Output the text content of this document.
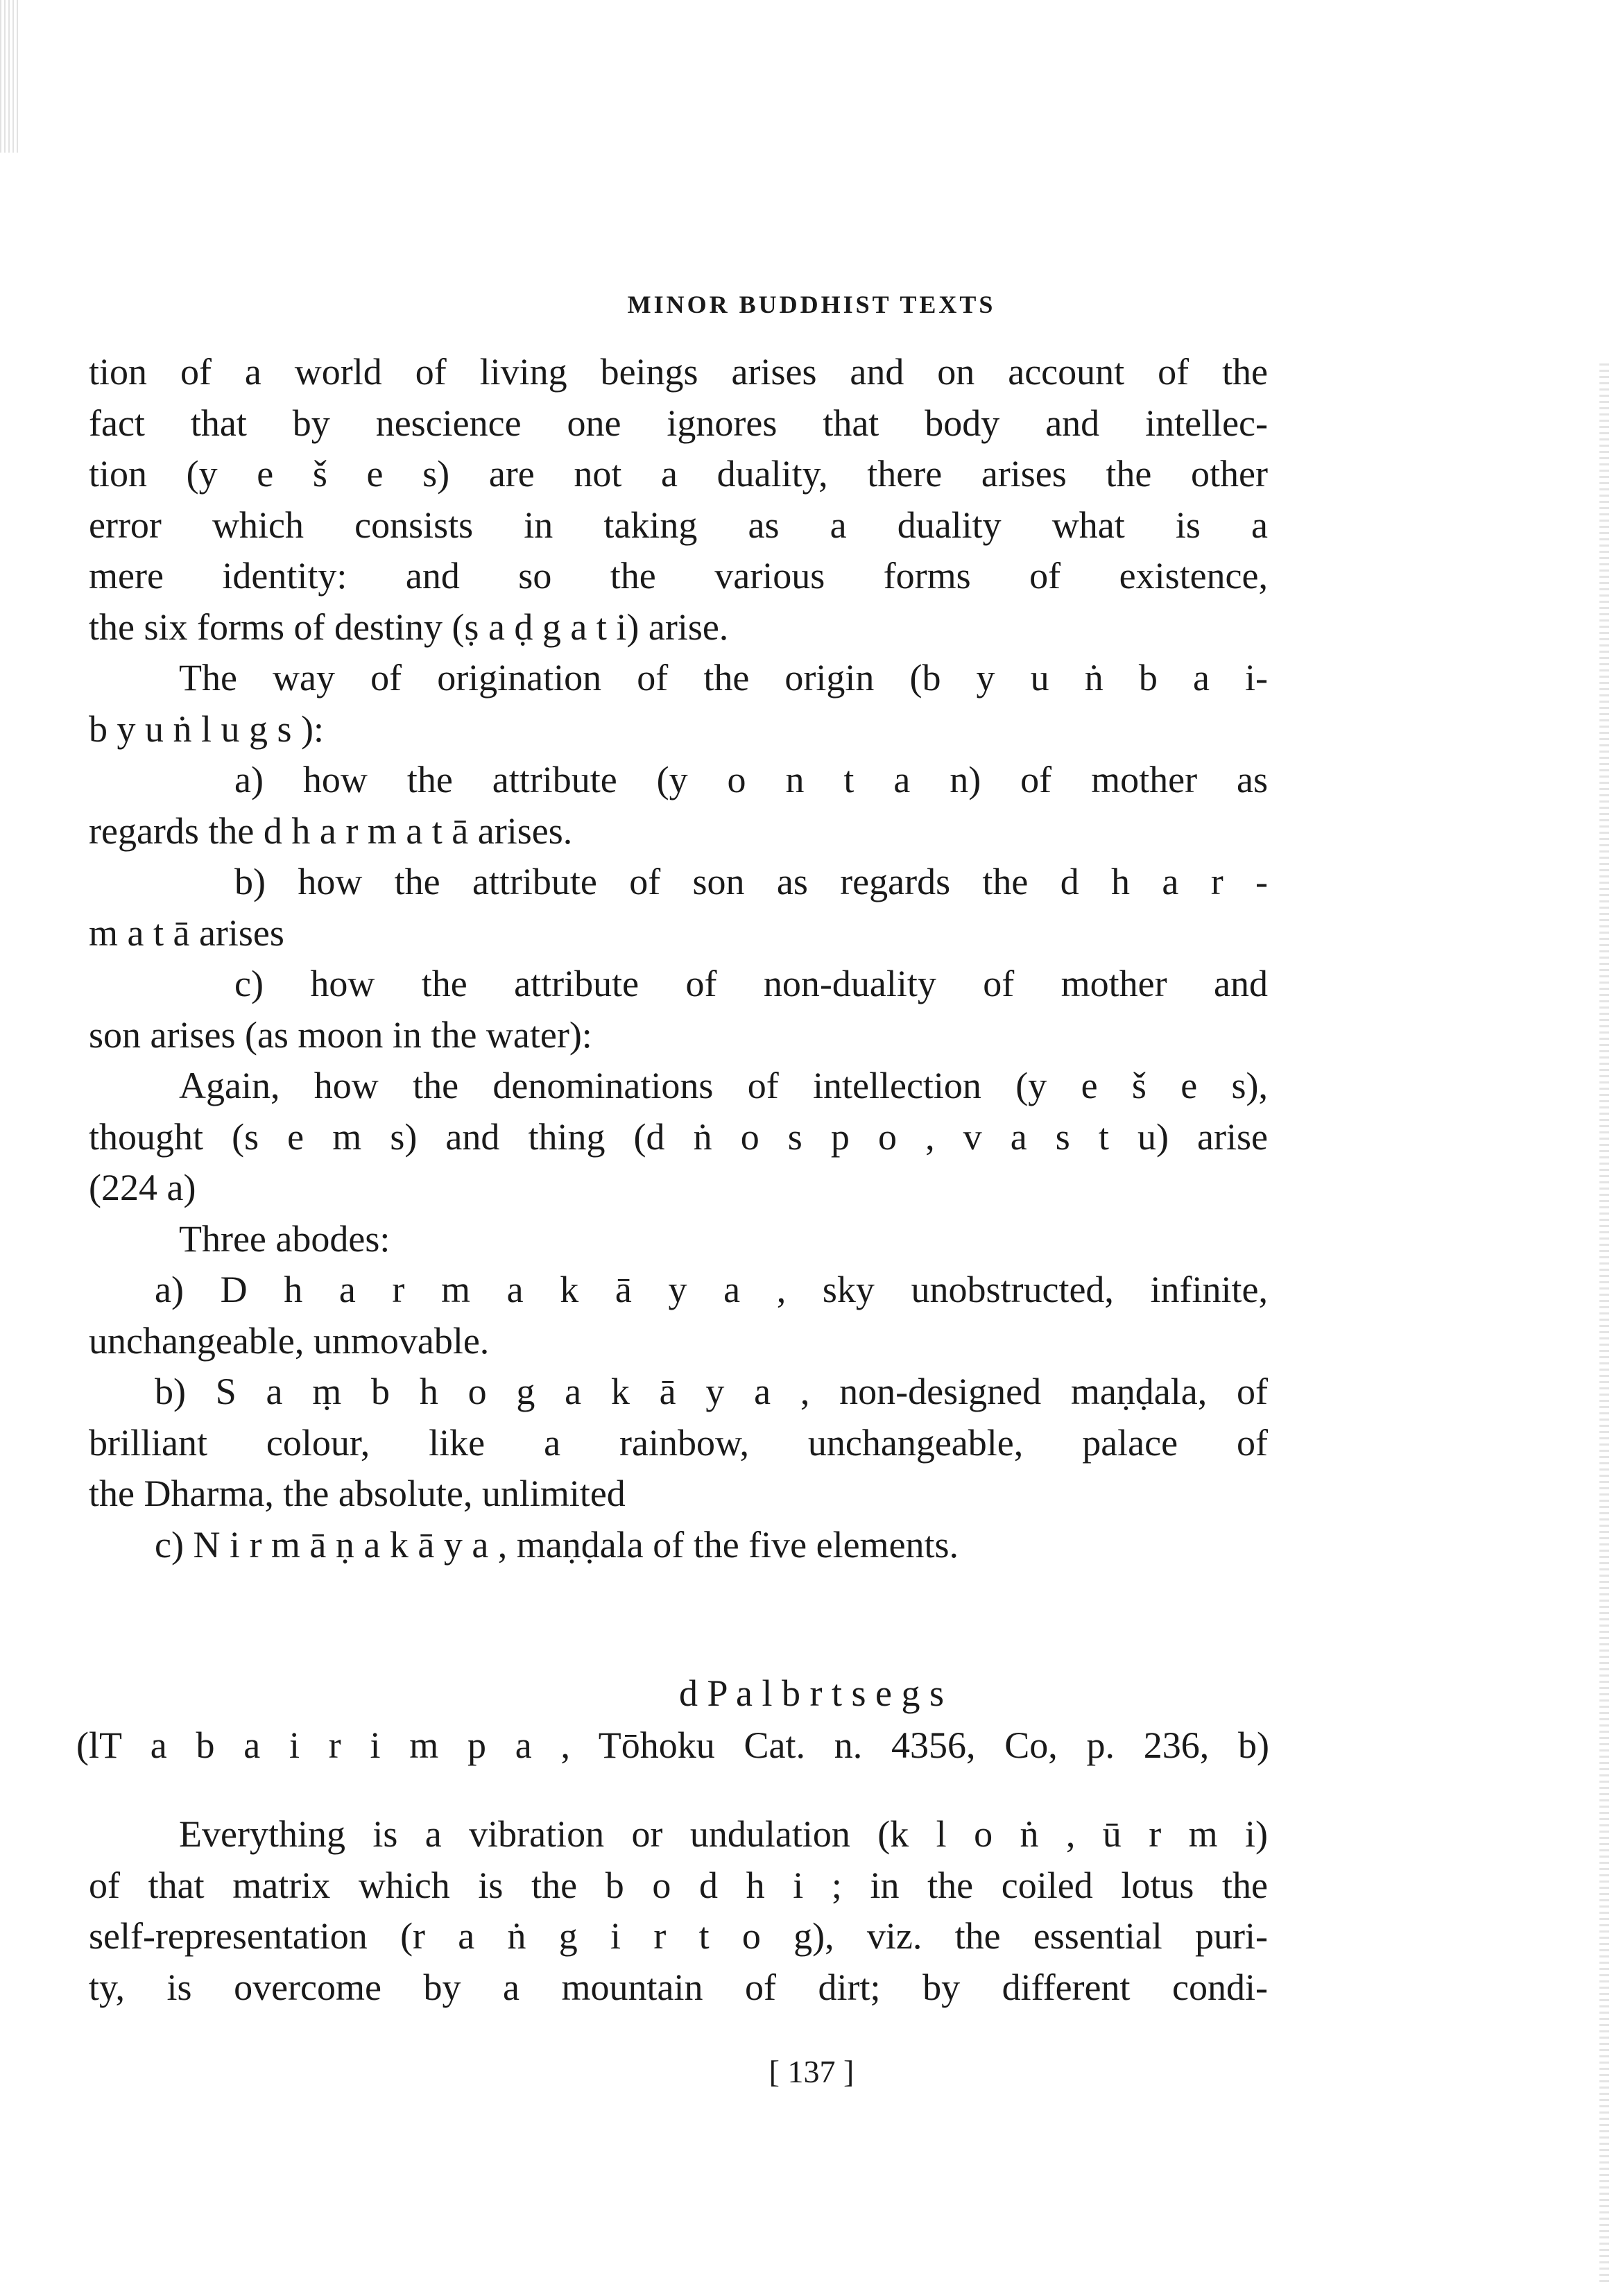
MINOR BUDDHIST TEXTS
tion of a world of living beings arises and on account of the
fact that by nescience one ignores that body and intellec-
tion (y e š e s) are not a duality, there arises the other
error which consists in taking as a duality what is a
mere identity: and so the various forms of existence,
the six forms of destiny (ṣ a ḍ g a t i) arise.
The way of origination of the origin (b y u ṅ b a i-
b y u ṅ l u g s ):
a) how the attribute (y o n t a n) of mother as
regards the d h a r m a t ā arises.
b) how the attribute of son as regards the d h a r -
m a t ā arises
c) how the attribute of non-duality of mother and
son arises (as moon in the water):
Again, how the denominations of intellection (y e š e s),
thought (s e m s) and thing (d ṅ o s p o , v a s t u) arise
(224 a)
Three abodes:
a) D h a r m a k ā y a , sky unobstructed, infinite,
unchangeable, unmovable.
b) S a ṃ b h o g a k ā y a , non-designed maṇḍala, of
brilliant colour, like a rainbow, unchangeable, palace of
the Dharma, the absolute, unlimited
c) N i r m ā ṇ a k ā y a , maṇḍala of the five elements.
d P a l b r t s e g s
(lT a b a i r i m p a , Tōhoku Cat. n. 4356, Co, p. 236, b)
Everything is a vibration or undulation (k l o ṅ , ū r m i)
of that matrix which is the b o d h i ; in the coiled lotus the
self-representation (r a ṅ g i r t o g), viz. the essential puri-
ty, is overcome by a mountain of dirt; by different condi-
[ 137 ]
